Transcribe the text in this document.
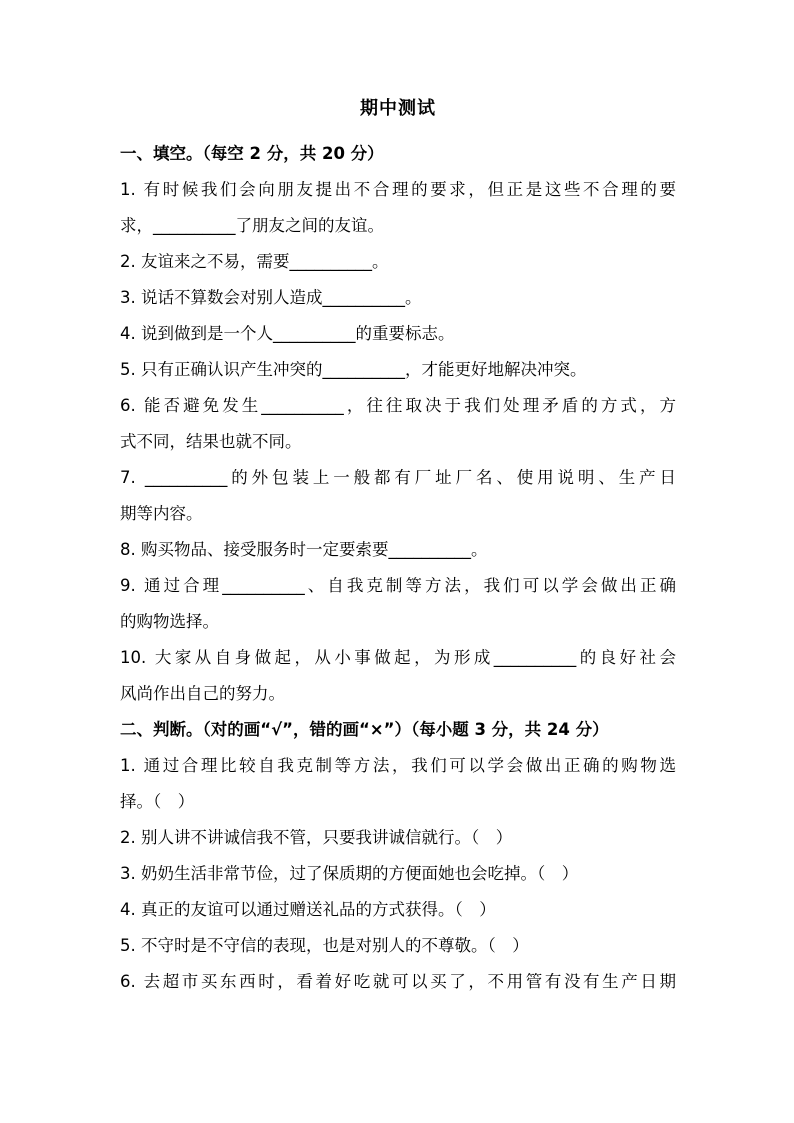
期中测试
一、填空。（每空 2 分，共 20 分）
1. 有时候我们会向朋友提出不合理的要求，但正是这些不合理的要
求，__________了朋友之间的友谊。
2. 友谊来之不易，需要__________。
3. 说话不算数会对别人造成__________。
4. 说到做到是一个人__________的重要标志。
5. 只有正确认识产生冲突的__________，才能更好地解决冲突。
6. 能否避免发生__________，往往取决于我们处理矛盾的方式，方
式不同，结果也就不同。
7. __________的外包装上一般都有厂址厂名、使用说明、生产日
期等内容。
8. 购买物品、接受服务时一定要索要__________。
9. 通过合理__________、自我克制等方法，我们可以学会做出正确
的购物选择。
10. 大家从自身做起，从小事做起，为形成__________的良好社会
风尚作出自己的努力。
二、判断。（对的画“√”，错的画“×”）（每小题 3 分，共 24 分）
1. 通过合理比较自我克制等方法，我们可以学会做出正确的购物选
择。（　）
2. 别人讲不讲诚信我不管，只要我讲诚信就行。（　）
3. 奶奶生活非常节俭，过了保质期的方便面她也会吃掉。（　）
4. 真正的友谊可以通过赠送礼品的方式获得。（　）
5. 不守时是不守信的表现，也是对别人的不尊敬。（　）
6. 去超市买东西时，看着好吃就可以买了，不用管有没有生产日期
